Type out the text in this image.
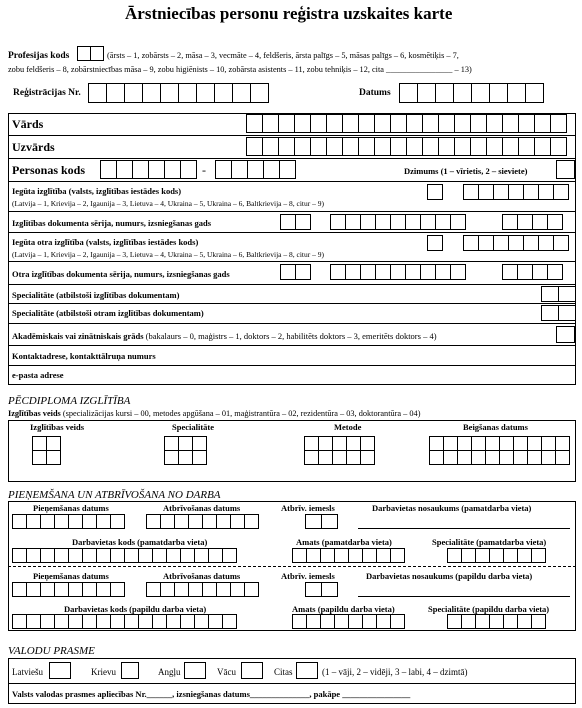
Ārstniecības personu reģistra uzskaites karte
Profesijas kods	(ārsts – 1, zobārsts – 2, māsa – 3, vecmāte – 4, feldšeris, ārsta palīgs – 5, māsas palīgs – 6, kosmētiķis – 7,
zobu feldšeris – 8, zobārstniecības māsa – 9, zobu higiēnists – 10, zobārsta asistents – 11, zobu tehniķis – 12, cita ________________ – 13)
Reģistrācijas Nr.	Datums
Vārds
Uzvārds
Personas kods	-	Dzimums (1 – vīrietis, 2 – sieviete)
Iegūta izglītība (valsts, izglītības iestādes kods)
(Latvija – 1, Krievija – 2, Igaunija – 3, Lietuva – 4, Ukraina – 5, Ukraina – 6, Baltkrievija – 8, citur – 9)
Izglītības dokumenta sērija, numurs, izsniegšanas gads
Iegūta otra izglītība (valsts, izglītības iestādes kods)
(Latvija – 1, Krievija – 2, Igaunija – 3, Lietuva – 4, Ukraina – 5, Ukraina – 6, Baltkrievija – 8, citur – 9)
Otra izglītības dokumenta sērija, numurs, izsniegšanas gads
Specialitāte (atbilstoši izglītības dokumentam)
Specialitāte (atbilstoši otram izglītības dokumentam)
Akadēmiskais vai zinātniskais grāds (bakalaurs – 0, maģistrs – 1, doktors – 2, habilitēts doktors – 3, emeritēts doktors – 4)
Kontaktadrese, kontakttālruņa numurs
e-pasta adrese
PĒCDIPLOMA IZGLĪTĪBA
Izglītības veids (specializācijas kursi – 00, metodes apgūšana – 01, maģistrantūra – 02, rezidentūra – 03, doktorantūra – 04)
Izglītības veids	Specialitāte	Metode	Beigšanas datums
PIEŅEMŠANA UN ATBRĪVOŠANA NO DARBA
Pieņemšanas datums	Atbrīvošanas datums	Atbrīv. iemesls	Darbavietas nosaukums (pamatdarba vieta)
Darbavietas kods (pamatdarba vieta)	Amats (pamatdarba vieta)	Specialitāte (pamatdarba vieta)
Pieņemšanas datums	Atbrīvošanas datums	Atbrīv. iemesls	Darbavietas nosaukums (papildu darba vieta)
Darbavietas kods (papildu darba vieta)	Amats (papildu darba vieta)	Specialitāte (papildu darba vieta)
VALODU PRASME
Latviešu	Krievu	Angļu	Vācu	Citas	(1 – vāji, 2 – vidēji, 3 – labi, 4 – dzimtā)
Valsts valodas prasmes apliecības Nr.______, izsniegšanas datums______________, pakāpe ________________
